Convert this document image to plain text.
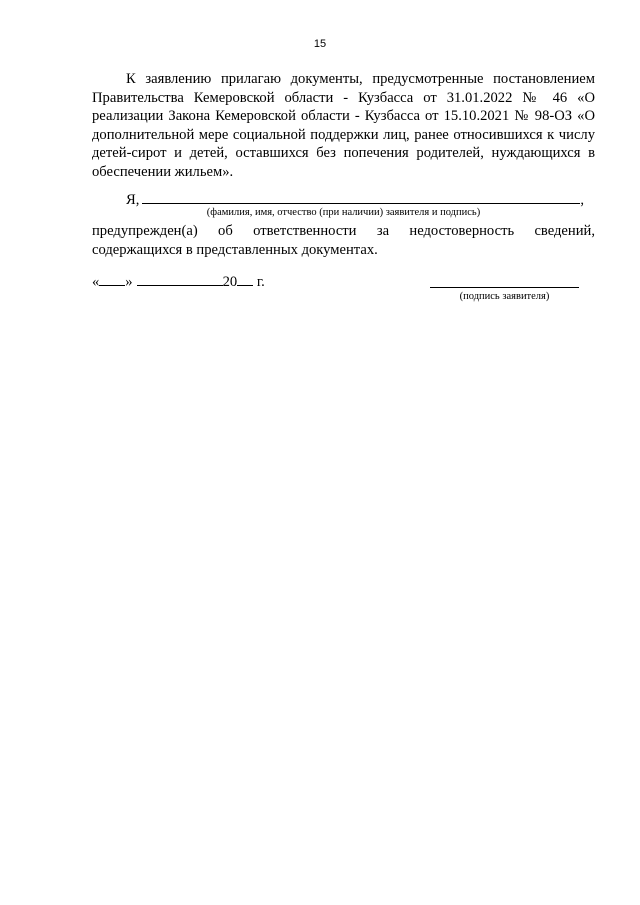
15

К заявлению прилагаю документы, предусмотренные постановлением Правительства Кемеровской области - Кузбасса от 31.01.2022 № 46 «О реализации Закона Кемеровской области - Кузбасса от 15.10.2021 № 98-ОЗ «О дополнительной мере социальной поддержки лиц, ранее относившихся к числу детей-сирот и детей, оставшихся без попечения родителей, нуждающихся в обеспечении жильем».

Я,	,
(фамилия, имя, отчество (при наличии) заявителя и подпись)

предупрежден(а) об ответственности за недостоверность сведений, содержащихся в представленных документах.

« »	20 г.
(подпись заявителя)
